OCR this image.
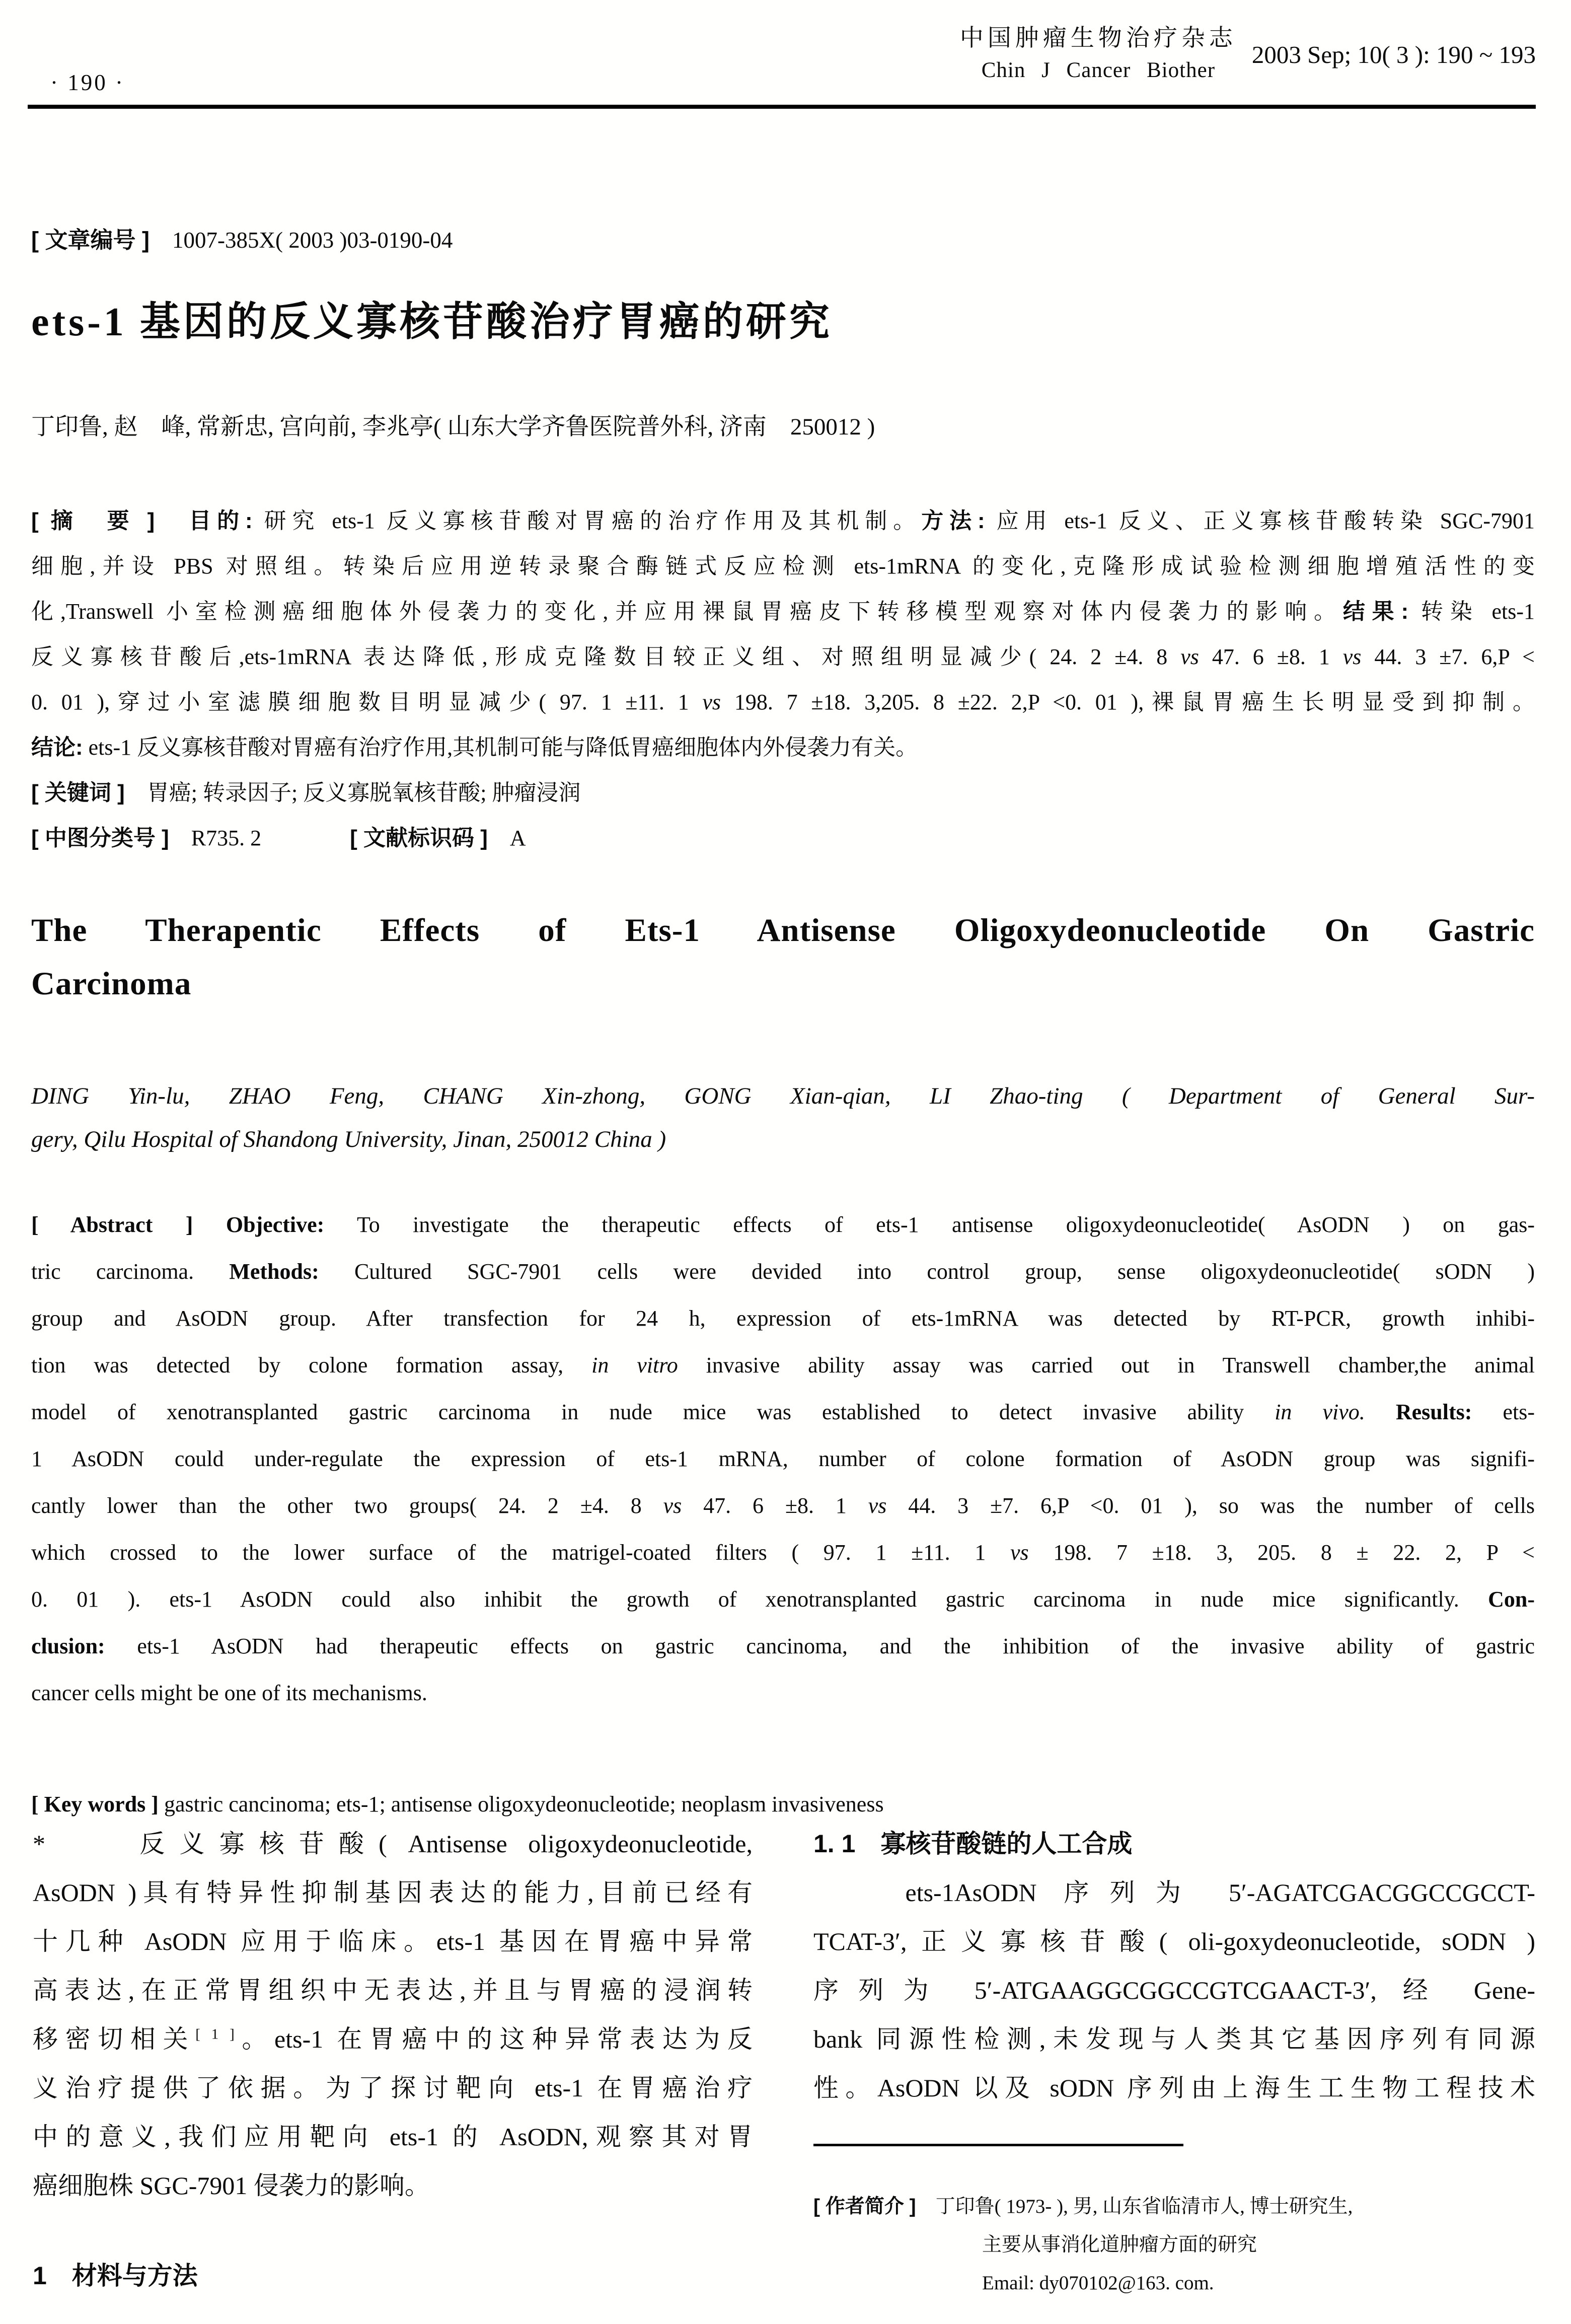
· 190 ·
中国肿瘤生物治疗杂志
Chin J Cancer Biother
2003 Sep; 10( 3 ): 190 ~ 193
[ 文章编号 ]　1007-385X( 2003 )03-0190-04
ets-1 基因的反义寡核苷酸治疗胃癌的研究
丁印鲁, 赵　峰, 常新忠, 宫向前, 李兆亭( 山东大学齐鲁医院普外科, 济南　250012 )
[ 摘　要 ]　 目的: 研究 ets-1 反义寡核苷酸对胃癌的治疗作用及其机制。方法: 应用 ets-1 反义、正义寡核苷酸转染 SGC-7901
细胞,并设 PBS 对照组。转染后应用逆转录聚合酶链式反应检测 ets-1mRNA 的变化,克隆形成试验检测细胞增殖活性的变
化,Transwell 小室检测癌细胞体外侵袭力的变化,并应用裸鼠胃癌皮下转移模型观察对体内侵袭力的影响。结果: 转染 ets-1
反义寡核苷酸后,ets-1mRNA 表达降低,形成克隆数目较正义组、对照组明显减少( 24. 2 ±4. 8 vs 47. 6 ±8. 1 vs 44. 3 ±7. 6,P <
0. 01 ),穿过小室滤膜细胞数目明显减少( 97. 1 ±11. 1 vs 198. 7 ±18. 3,205. 8 ±22. 2,P <0. 01 ),裸鼠胃癌生长明显受到抑制。
结论: ets-1 反义寡核苷酸对胃癌有治疗作用,其机制可能与降低胃癌细胞体内外侵袭力有关。
[ 关键词 ]　胃癌; 转录因子; 反义寡脱氧核苷酸; 肿瘤浸润
[ 中图分类号 ]　R735. 2　　　　[ 文献标识码 ]　A
The Therapentic Effects of Ets-1 Antisense Oligoxydeonucleotide On Gastric
Carcinoma
DING Yin-lu, ZHAO Feng, CHANG Xin-zhong, GONG Xian-qian, LI Zhao-ting ( Department of General Sur-
gery, Qilu Hospital of Shandong University, Jinan, 250012 China )
[ Abstract ] Objective: To investigate the therapeutic effects of ets-1 antisense oligoxydeonucleotide( AsODN ) on gas-
tric carcinoma. Methods: Cultured SGC-7901 cells were devided into control group, sense oligoxydeonucleotide( sODN )
group and AsODN group. After transfection for 24 h, expression of ets-1mRNA was detected by RT-PCR, growth inhibi-
tion was detected by colone formation assay, in vitro invasive ability assay was carried out in Transwell chamber,the animal
model of xenotransplanted gastric carcinoma in nude mice was established to detect invasive ability in vivo. Results: ets-
1 AsODN could under-regulate the expression of ets-1 mRNA, number of colone formation of AsODN group was signifi-
cantly lower than the other two groups( 24. 2 ±4. 8 vs 47. 6 ±8. 1 vs 44. 3 ±7. 6,P <0. 01 ), so was the number of cells
which crossed to the lower surface of the matrigel-coated filters ( 97. 1 ±11. 1 vs 198. 7 ±18. 3, 205. 8 ± 22. 2, P <
0. 01 ). ets-1 AsODN could also inhibit the growth of xenotransplanted gastric carcinoma in nude mice significantly. Con-
clusion: ets-1 AsODN had therapeutic effects on gastric cancinoma, and the inhibition of the invasive ability of gastric
cancer cells might be one of its mechanisms.
[ Key words ] gastric cancinoma; ets-1; antisense oligoxydeonucleotide; neoplasm invasiveness
*　　反义寡核苷酸( Antisense oligoxydeonucleotide,
AsODN )具有特异性抑制基因表达的能力,目前已经有
十几种 AsODN 应用于临床。ets-1 基因在胃癌中异常
高表达,在正常胃组织中无表达,并且与胃癌的浸润转
移密切相关[ 1 ]。ets-1 在胃癌中的这种异常表达为反
义治疗提供了依据。为了探讨靶向 ets-1 在胃癌治疗
中的意义,我们应用靶向 ets-1 的 AsODN,观察其对胃
癌细胞株 SGC-7901 侵袭力的影响。
1　材料与方法
1. 1　寡核苷酸链的人工合成
　　ets-1AsODN 序列为 5′-AGATCGACGGCCGCCT-
TCAT-3′,正义寡核苷酸( oli-goxydeonucleotide, sODN )
序列为 5′-ATGAAGGCGGCCGTCGAACT-3′, 经 Gene-
bank 同源性检测,未发现与人类其它基因序列有同源
性。AsODN 以及 sODN 序列由上海生工生物工程技术
[ 作者简介 ]　丁印鲁( 1973- ), 男, 山东省临清市人, 博士研究生,
主要从事消化道肿瘤方面的研究
Email: dy070102@163. com.
